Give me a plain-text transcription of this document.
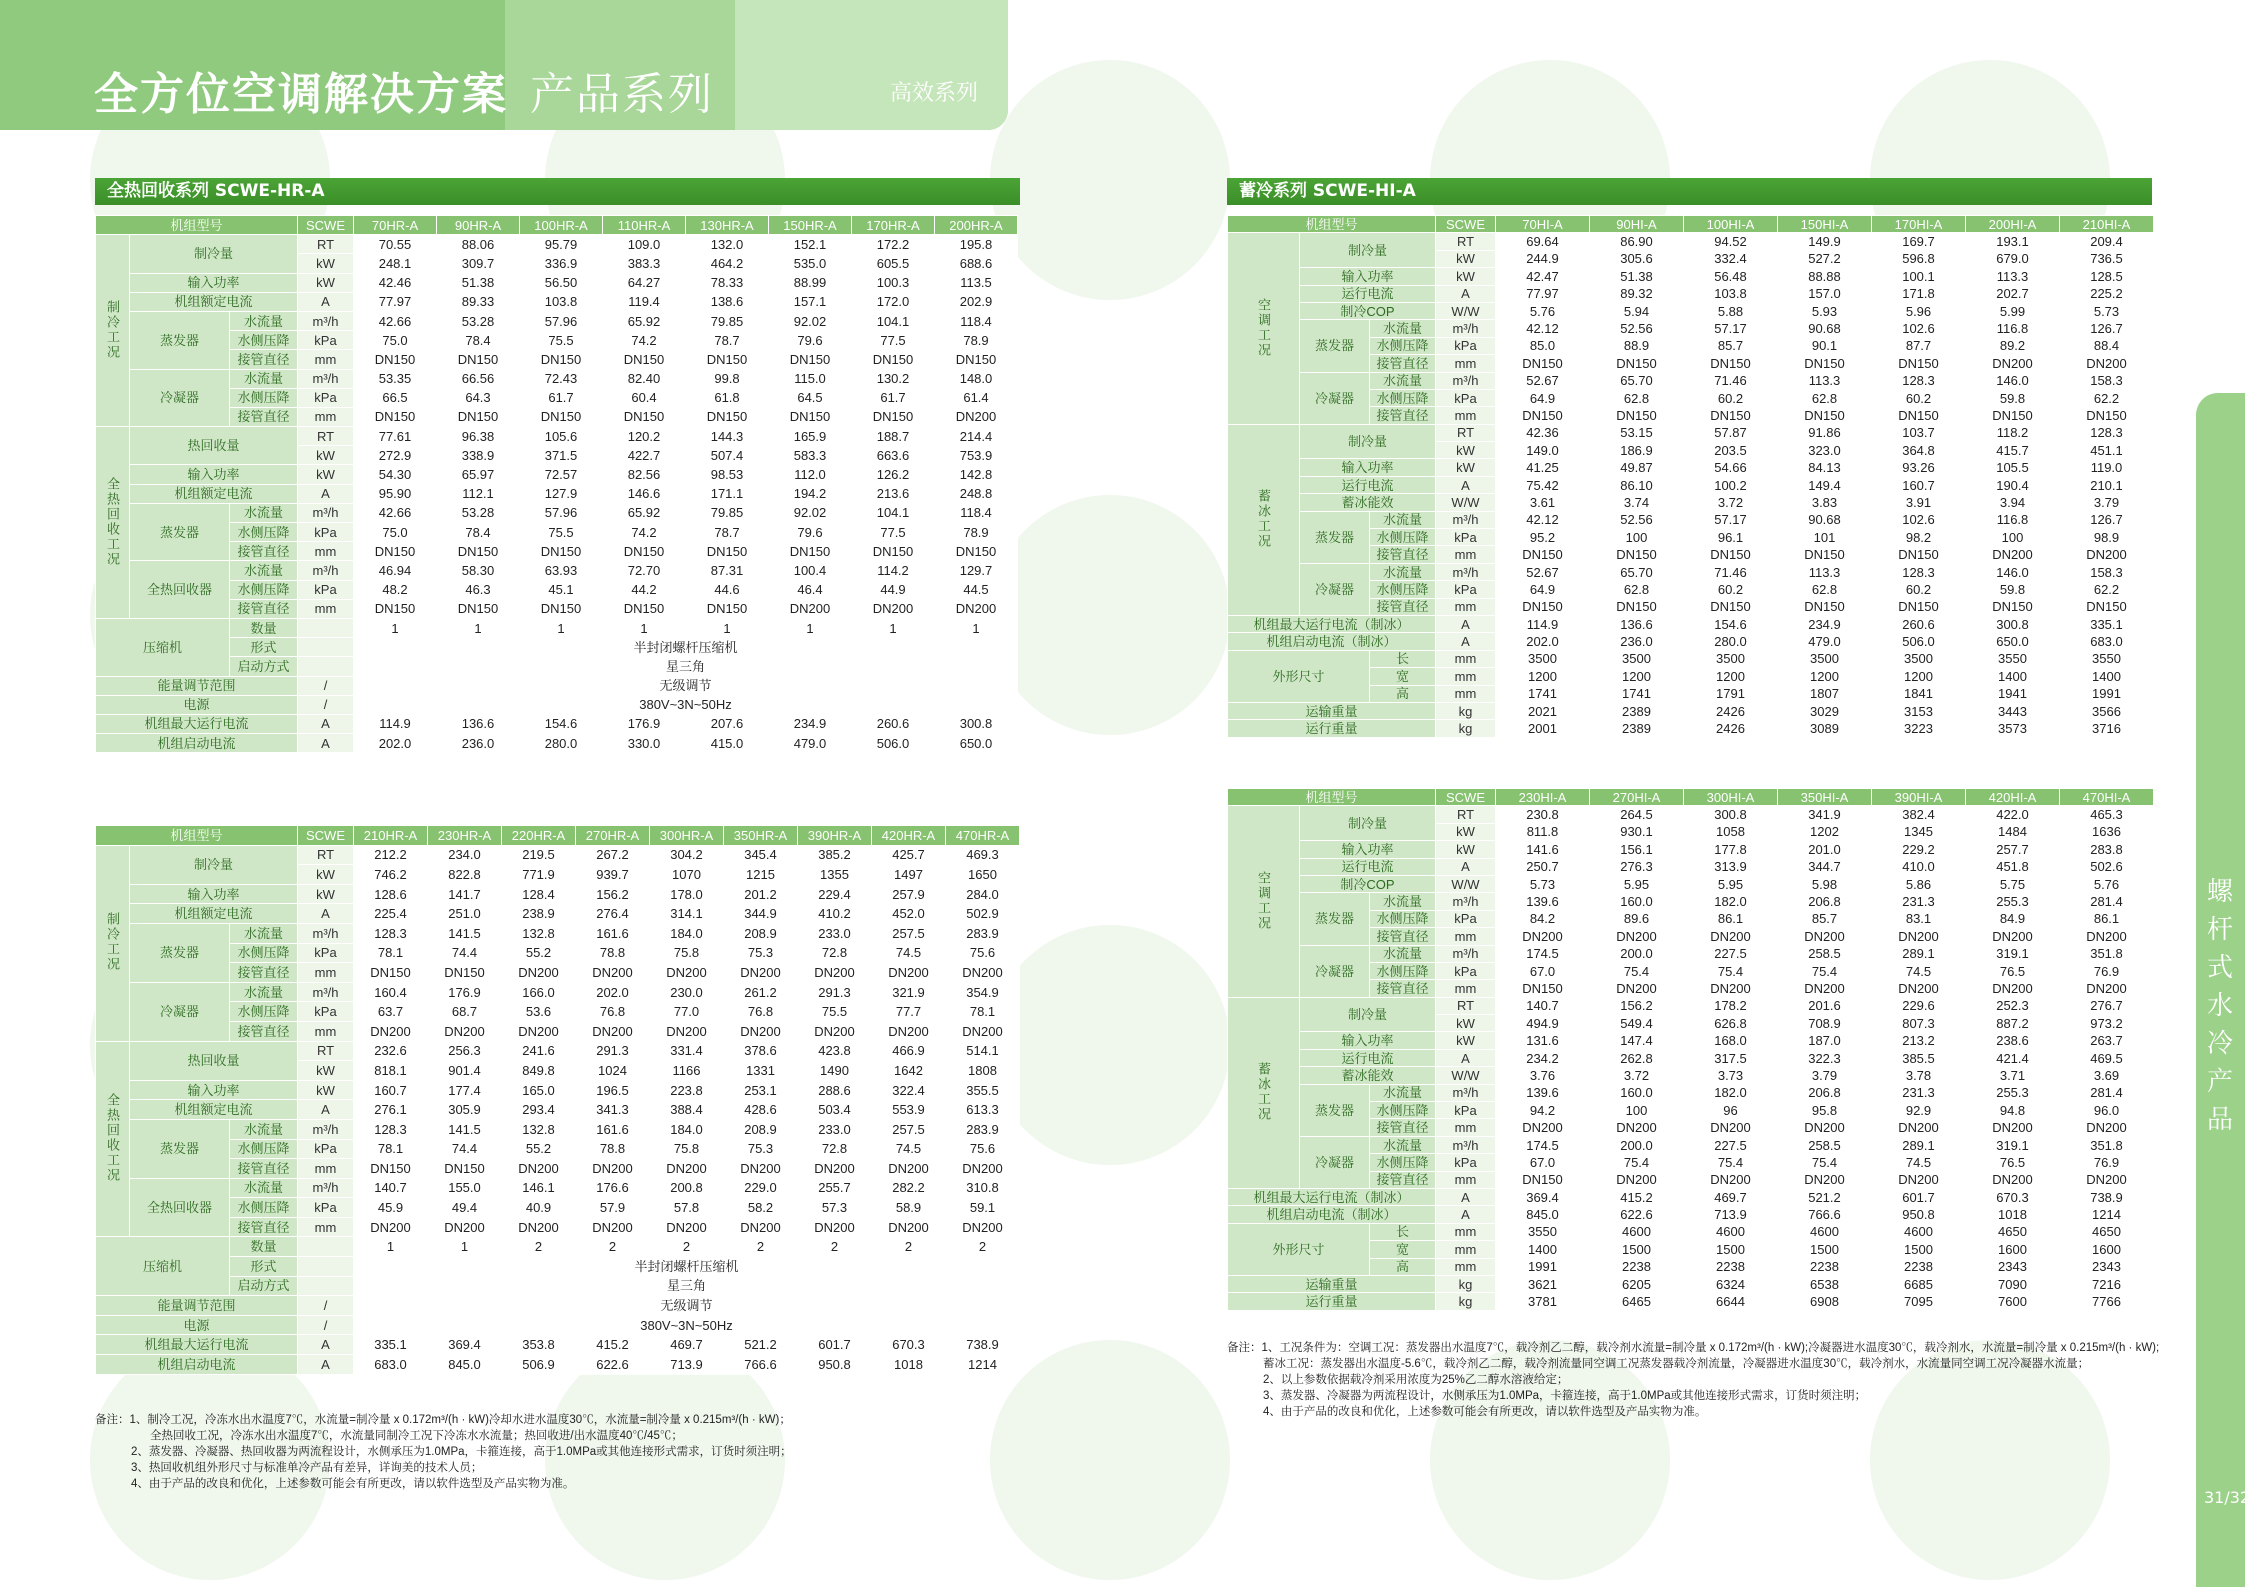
全方位空调解决方案 产品系列	高效系列
全热回收系列 SCWE-HR-A
机组型号			SCWE	70HR-A	90HR-A	100HR-A	110HR-A	130HR-A	150HR-A	170HR-A	200HR-A
制冷工况	制冷量		RT	70.55	88.06	95.79	109.0	132.0	152.1	172.2	195.8
			kW	248.1	309.7	336.9	383.3	464.2	535.0	605.5	688.6
	输入功率		kW	42.46	51.38	56.50	64.27	78.33	88.99	100.3	113.5
	机组额定电流		A	77.97	89.33	103.8	119.4	138.6	157.1	172.0	202.9
	蒸发器	水流量	m³/h	42.66	53.28	57.96	65.92	79.85	92.02	104.1	118.4
		水侧压降	kPa	75.0	78.4	75.5	74.2	78.7	79.6	77.5	78.9
		接管直径	mm	DN150	DN150	DN150	DN150	DN150	DN150	DN150	DN150
	冷凝器	水流量	m³/h	53.35	66.56	72.43	82.40	99.8	115.0	130.2	148.0
		水侧压降	kPa	66.5	64.3	61.7	60.4	61.8	64.5	61.7	61.4
		接管直径	mm	DN150	DN150	DN150	DN150	DN150	DN150	DN150	DN200
全热回收工况	热回收量		RT	77.61	96.38	105.6	120.2	144.3	165.9	188.7	214.4
			kW	272.9	338.9	371.5	422.7	507.4	583.3	663.6	753.9
	输入功率		kW	54.30	65.97	72.57	82.56	98.53	112.0	126.2	142.8
	机组额定电流		A	95.90	112.1	127.9	146.6	171.1	194.2	213.6	248.8
	蒸发器	水流量	m³/h	42.66	53.28	57.96	65.92	79.85	92.02	104.1	118.4
		水侧压降	kPa	75.0	78.4	75.5	74.2	78.7	79.6	77.5	78.9
		接管直径	mm	DN150	DN150	DN150	DN150	DN150	DN150	DN150	DN150
	全热回收器	水流量	m³/h	46.94	58.30	63.93	72.70	87.31	100.4	114.2	129.7
		水侧压降	kPa	48.2	46.3	45.1	44.2	44.6	46.4	44.9	44.5
		接管直径	mm	DN150	DN150	DN150	DN150	DN150	DN200	DN200	DN200
压缩机		数量		1	1	1	1	1	1	1	1
		形式		半封闭螺杆压缩机							
		启动方式		星三角							
能量调节范围			/	无级调节							
电源			/	380V~3N~50Hz							
机组最大运行电流			A	114.9	136.6	154.6	176.9	207.6	234.9	260.6	300.8
机组启动电流			A	202.0	236.0	280.0	330.0	415.0	479.0	506.0	650.0
机组型号			SCWE	210HR-A	230HR-A	220HR-A	270HR-A	300HR-A	350HR-A	390HR-A	420HR-A	470HR-A
制冷工况	制冷量		RT	212.2	234.0	219.5	267.2	304.2	345.4	385.2	425.7	469.3
			kW	746.2	822.8	771.9	939.7	1070	1215	1355	1497	1650
	输入功率		kW	128.6	141.7	128.4	156.2	178.0	201.2	229.4	257.9	284.0
	机组额定电流		A	225.4	251.0	238.9	276.4	314.1	344.9	410.2	452.0	502.9
	蒸发器	水流量	m³/h	128.3	141.5	132.8	161.6	184.0	208.9	233.0	257.5	283.9
		水侧压降	kPa	78.1	74.4	55.2	78.8	75.8	75.3	72.8	74.5	75.6
		接管直径	mm	DN150	DN150	DN200	DN200	DN200	DN200	DN200	DN200	DN200
	冷凝器	水流量	m³/h	160.4	176.9	166.0	202.0	230.0	261.2	291.3	321.9	354.9
		水侧压降	kPa	63.7	68.7	53.6	76.8	77.0	76.8	75.5	77.7	78.1
		接管直径	mm	DN200	DN200	DN200	DN200	DN200	DN200	DN200	DN200	DN200
全热回收工况	热回收量		RT	232.6	256.3	241.6	291.3	331.4	378.6	423.8	466.9	514.1
			kW	818.1	901.4	849.8	1024	1166	1331	1490	1642	1808
	输入功率		kW	160.7	177.4	165.0	196.5	223.8	253.1	288.6	322.4	355.5
	机组额定电流		A	276.1	305.9	293.4	341.3	388.4	428.6	503.4	553.9	613.3
	蒸发器	水流量	m³/h	128.3	141.5	132.8	161.6	184.0	208.9	233.0	257.5	283.9
		水侧压降	kPa	78.1	74.4	55.2	78.8	75.8	75.3	72.8	74.5	75.6
		接管直径	mm	DN150	DN150	DN200	DN200	DN200	DN200	DN200	DN200	DN200
	全热回收器	水流量	m³/h	140.7	155.0	146.1	176.6	200.8	229.0	255.7	282.2	310.8
		水侧压降	kPa	45.9	49.4	40.9	57.9	57.8	58.2	57.3	58.9	59.1
		接管直径	mm	DN200	DN200	DN200	DN200	DN200	DN200	DN200	DN200	DN200
压缩机		数量		1	1	2	2	2	2	2	2	2
		形式		半封闭螺杆压缩机								
		启动方式		星三角								
能量调节范围			/	无级调节								
电源			/	380V~3N~50Hz								
机组最大运行电流			A	335.1	369.4	353.8	415.2	469.7	521.2	601.7	670.3	738.9
机组启动电流			A	683.0	845.0	506.9	622.6	713.9	766.6	950.8	1018	1214
备注：1、制冷工况，冷冻水出水温度7℃，水流量=制冷量 x 0.172m³/(h · kW)冷却水进水温度30℃，水流量=制冷量 x 0.215m³/(h · kW)；
全热回收工况，冷冻水出水温度7℃，水流量同制冷工况下冷冻水水流量；热回收进/出水温度40℃/45℃；
2、蒸发器、冷凝器、热回收器为两流程设计，水侧承压为1.0MPa，卡箍连接，高于1.0MPa或其他连接形式需求，订货时须注明；
3、热回收机组外形尺寸与标准单冷产品有差异，详询美的技术人员；
4、由于产品的改良和优化，上述参数可能会有所更改，请以软件选型及产品实物为准。
蓄冷系列 SCWE-HI-A
机组型号			SCWE	70HI-A	90HI-A	100HI-A	150HI-A	170HI-A	200HI-A	210HI-A
空调工况	制冷量		RT	69.64	86.90	94.52	149.9	169.7	193.1	209.4
			kW	244.9	305.6	332.4	527.2	596.8	679.0	736.5
	输入功率		kW	42.47	51.38	56.48	88.88	100.1	113.3	128.5
	运行电流		A	77.97	89.32	103.8	157.0	171.8	202.7	225.2
	制冷COP		W/W	5.76	5.94	5.88	5.93	5.96	5.99	5.73
	蒸发器	水流量	m³/h	42.12	52.56	57.17	90.68	102.6	116.8	126.7
		水侧压降	kPa	85.0	88.9	85.7	90.1	87.7	89.2	88.4
		接管直径	mm	DN150	DN150	DN150	DN150	DN150	DN200	DN200
	冷凝器	水流量	m³/h	52.67	65.70	71.46	113.3	128.3	146.0	158.3
		水侧压降	kPa	64.9	62.8	60.2	62.8	60.2	59.8	62.2
		接管直径	mm	DN150	DN150	DN150	DN150	DN150	DN150	DN150
蓄冰工况	制冷量		RT	42.36	53.15	57.87	91.86	103.7	118.2	128.3
			kW	149.0	186.9	203.5	323.0	364.8	415.7	451.1
	输入功率		kW	41.25	49.87	54.66	84.13	93.26	105.5	119.0
	运行电流		A	75.42	86.10	100.2	149.4	160.7	190.4	210.1
	蓄冰能效		W/W	3.61	3.74	3.72	3.83	3.91	3.94	3.79
	蒸发器	水流量	m³/h	42.12	52.56	57.17	90.68	102.6	116.8	126.7
		水侧压降	kPa	95.2	100	96.1	101	98.2	100	98.9
		接管直径	mm	DN150	DN150	DN150	DN150	DN150	DN200	DN200
	冷凝器	水流量	m³/h	52.67	65.70	71.46	113.3	128.3	146.0	158.3
		水侧压降	kPa	64.9	62.8	60.2	62.8	60.2	59.8	62.2
		接管直径	mm	DN150	DN150	DN150	DN150	DN150	DN150	DN150
机组最大运行电流（制冰）			A	114.9	136.6	154.6	234.9	260.6	300.8	335.1
机组启动电流（制冰）			A	202.0	236.0	280.0	479.0	506.0	650.0	683.0
外形尺寸		长	mm	3500	3500	3500	3500	3500	3550	3550
		宽	mm	1200	1200	1200	1200	1200	1400	1400
		高	mm	1741	1741	1791	1807	1841	1941	1991
运输重量			kg	2021	2389	2426	3029	3153	3443	3566
运行重量			kg	2001	2389	2426	3089	3223	3573	3716
机组型号			SCWE	230HI-A	270HI-A	300HI-A	350HI-A	390HI-A	420HI-A	470HI-A
空调工况	制冷量		RT	230.8	264.5	300.8	341.9	382.4	422.0	465.3
			kW	811.8	930.1	1058	1202	1345	1484	1636
	输入功率		kW	141.6	156.1	177.8	201.0	229.2	257.7	283.8
	运行电流		A	250.7	276.3	313.9	344.7	410.0	451.8	502.6
	制冷COP		W/W	5.73	5.95	5.95	5.98	5.86	5.75	5.76
	蒸发器	水流量	m³/h	139.6	160.0	182.0	206.8	231.3	255.3	281.4
		水侧压降	kPa	84.2	89.6	86.1	85.7	83.1	84.9	86.1
		接管直径	mm	DN200	DN200	DN200	DN200	DN200	DN200	DN200
	冷凝器	水流量	m³/h	174.5	200.0	227.5	258.5	289.1	319.1	351.8
		水侧压降	kPa	67.0	75.4	75.4	75.4	74.5	76.5	76.9
		接管直径	mm	DN150	DN200	DN200	DN200	DN200	DN200	DN200
蓄冰工况	制冷量		RT	140.7	156.2	178.2	201.6	229.6	252.3	276.7
			kW	494.9	549.4	626.8	708.9	807.3	887.2	973.2
	输入功率		kW	131.6	147.4	168.0	187.0	213.2	238.6	263.7
	运行电流		A	234.2	262.8	317.5	322.3	385.5	421.4	469.5
	蓄冰能效		W/W	3.76	3.72	3.73	3.79	3.78	3.71	3.69
	蒸发器	水流量	m³/h	139.6	160.0	182.0	206.8	231.3	255.3	281.4
		水侧压降	kPa	94.2	100	96	95.8	92.9	94.8	96.0
		接管直径	mm	DN200	DN200	DN200	DN200	DN200	DN200	DN200
	冷凝器	水流量	m³/h	174.5	200.0	227.5	258.5	289.1	319.1	351.8
		水侧压降	kPa	67.0	75.4	75.4	75.4	74.5	76.5	76.9
		接管直径	mm	DN150	DN200	DN200	DN200	DN200	DN200	DN200
机组最大运行电流（制冰）			A	369.4	415.2	469.7	521.2	601.7	670.3	738.9
机组启动电流（制冰）			A	845.0	622.6	713.9	766.6	950.8	1018	1214
外形尺寸		长	mm	3550	4600	4600	4600	4600	4650	4650
		宽	mm	1400	1500	1500	1500	1500	1600	1600
		高	mm	1991	2238	2238	2238	2238	2343	2343
运输重量			kg	3621	6205	6324	6538	6685	7090	7216
运行重量			kg	3781	6465	6644	6908	7095	7600	7766
备注：1、工况条件为：空调工况：蒸发器出水温度7℃，载冷剂乙二醇，载冷剂水流量=制冷量 x 0.172m³/(h · kW);冷凝器进水温度30℃，载冷剂水，水流量=制冷量 x 0.215m³/(h · kW);
蓄冰工况：蒸发器出水温度-5.6℃，载冷剂乙二醇，载冷剂流量同空调工况蒸发器载冷剂流量，冷凝器进水温度30℃，载冷剂水，水流量同空调工况冷凝器水流量；
2、以上参数依据载冷剂采用浓度为25%乙二醇水溶液给定；
3、蒸发器、冷凝器为两流程设计，水侧承压为1.0MPa，卡箍连接，高于1.0MPa或其他连接形式需求，订货时须注明；
4、由于产品的改良和优化，上述参数可能会有所更改，请以软件选型及产品实物为准。
螺杆式水冷产品
31/32
